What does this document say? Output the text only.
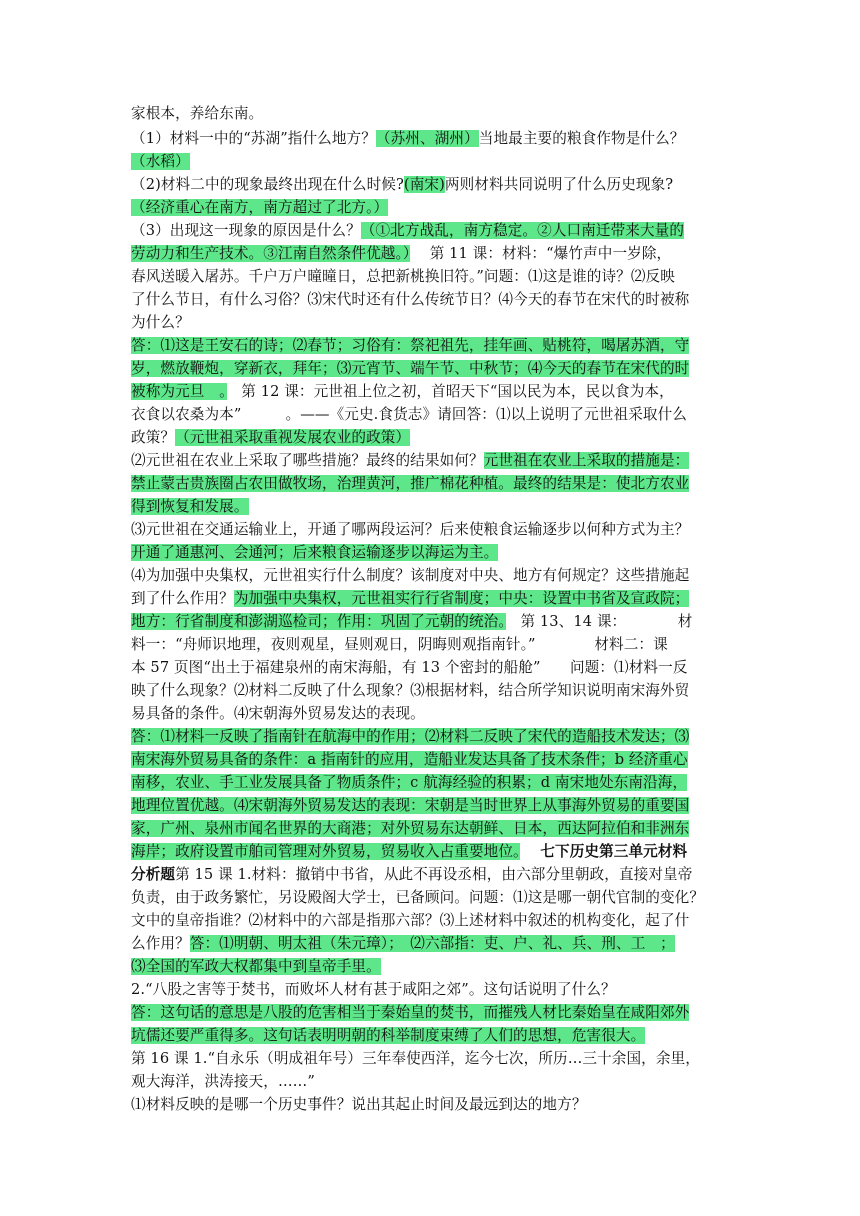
家根本，养给东南。
（1）材料一中的“苏湖”指什么地方？（苏州、湖州）当地最主要的粮食作物是什么？
（水稻）
（2)材料二中的现象最终出现在什么时候?(南宋)两则材料共同说明了什么历史现象?
（经济重心在南方，南方超过了北方。）
（3）出现这一现象的原因是什么？（①北方战乱，南方稳定。②人口南迁带来大量的
劳动力和生产技术。③江南自然条件优越。）　 第 11 课：材料：“爆竹声中一岁除，
春风送暖入屠苏。千户万户曈曈日，总把新桃换旧符。”问题：⑴这是谁的诗？⑵反映
了什么节日，有什么习俗？⑶宋代时还有什么传统节日？⑷今天的春节在宋代的时被称
为什么？
答：⑴这是王安石的诗；⑵春节；习俗有：祭祀祖先，挂年画、贴桃符，喝屠苏酒，守
岁，燃放鞭炮，穿新衣，拜年；⑶元宵节、端午节、中秋节；⑷今天的春节在宋代的时
被称为元旦　。　第 12 课：元世祖上位之初，首昭天下“国以民为本，民以食为本，
衣食以农桑为本”　　　。——《元史.食货志》请回答：⑴以上说明了元世祖采取什么
政策？（元世祖采取重视发展农业的政策）
⑵元世祖在农业上采取了哪些措施？最终的结果如何？元世祖在农业上采取的措施是：
禁止蒙古贵族圈占农田做牧场，治理黄河，推广棉花种植。最终的结果是：使北方农业
得到恢复和发展。
⑶元世祖在交通运输业上，开通了哪两段运河？后来使粮食运输逐步以何种方式为主？
开通了通惠河、会通河；后来粮食运输逐步以海运为主。
⑷为加强中央集权，元世祖实行什么制度？该制度对中央、地方有何规定？这些措施起
到了什么作用？为加强中央集权，元世祖实行行省制度；中央：设置中书省及宣政院；
地方：行省制度和澎湖巡检司；作用：巩固了元朝的统治。　第 13、14 课：　　　　材
料一：“舟师识地理，夜则观星，昼则观日，阴晦则观指南针。”　　　　材料二：课
本 57 页图“出土于福建泉州的南宋海船，有 13 个密封的船舱”　　问题：⑴材料一反
映了什么现象？⑵材料二反映了什么现象？⑶根据材料，结合所学知识说明南宋海外贸
易具备的条件。⑷宋朝海外贸易发达的表现。
答：⑴材料一反映了指南针在航海中的作用；⑵材料二反映了宋代的造船技术发达；⑶
南宋海外贸易具备的条件：a 指南针的应用，造船业发达具备了技术条件；b 经济重心
南移，农业、手工业发展具备了物质条件；c 航海经验的积累；d 南宋地处东南沿海，
地理位置优越。⑷宋朝海外贸易发达的表现：宋朝是当时世界上从事海外贸易的重要国
家，广州、泉州市闻名世界的大商港；对外贸易东达朝鲜、日本，西达阿拉伯和非洲东
海岸；政府设置市舶司管理对外贸易，贸易收入占重要地位。　 七下历史第三单元材料
分析题第 15 课 1.材料：撤销中书省，从此不再设丞相，由六部分里朝政，直接对皇帝
负责，由于政务繁忙，另设殿阁大学士，已备顾问。问题：⑴这是哪一朝代官制的变化？
文中的皇帝指谁？⑵材料中的六部是指那六部？⑶上述材料中叙述的机构变化，起了什
么作用？答：⑴明朝、明太祖（朱元璋）；　⑵六部指：吏、户、礼、兵、刑、工　；
⑶全国的军政大权都集中到皇帝手里。
2.“八股之害等于焚书，而败坏人材有甚于咸阳之郊”。这句话说明了什么？
答：这句话的意思是八股的危害相当于秦始皇的焚书，而摧残人材比秦始皇在咸阳郊外
坑儒还要严重得多。这句话表明明朝的科举制度束缚了人们的思想，危害很大。
第 16 课 1.“自永乐（明成祖年号）三年奉使西洋，迄今七次，所历…三十余国，余里，
观大海洋，洪涛接天，……”
⑴材料反映的是哪一个历史事件？说出其起止时间及最远到达的地方？
